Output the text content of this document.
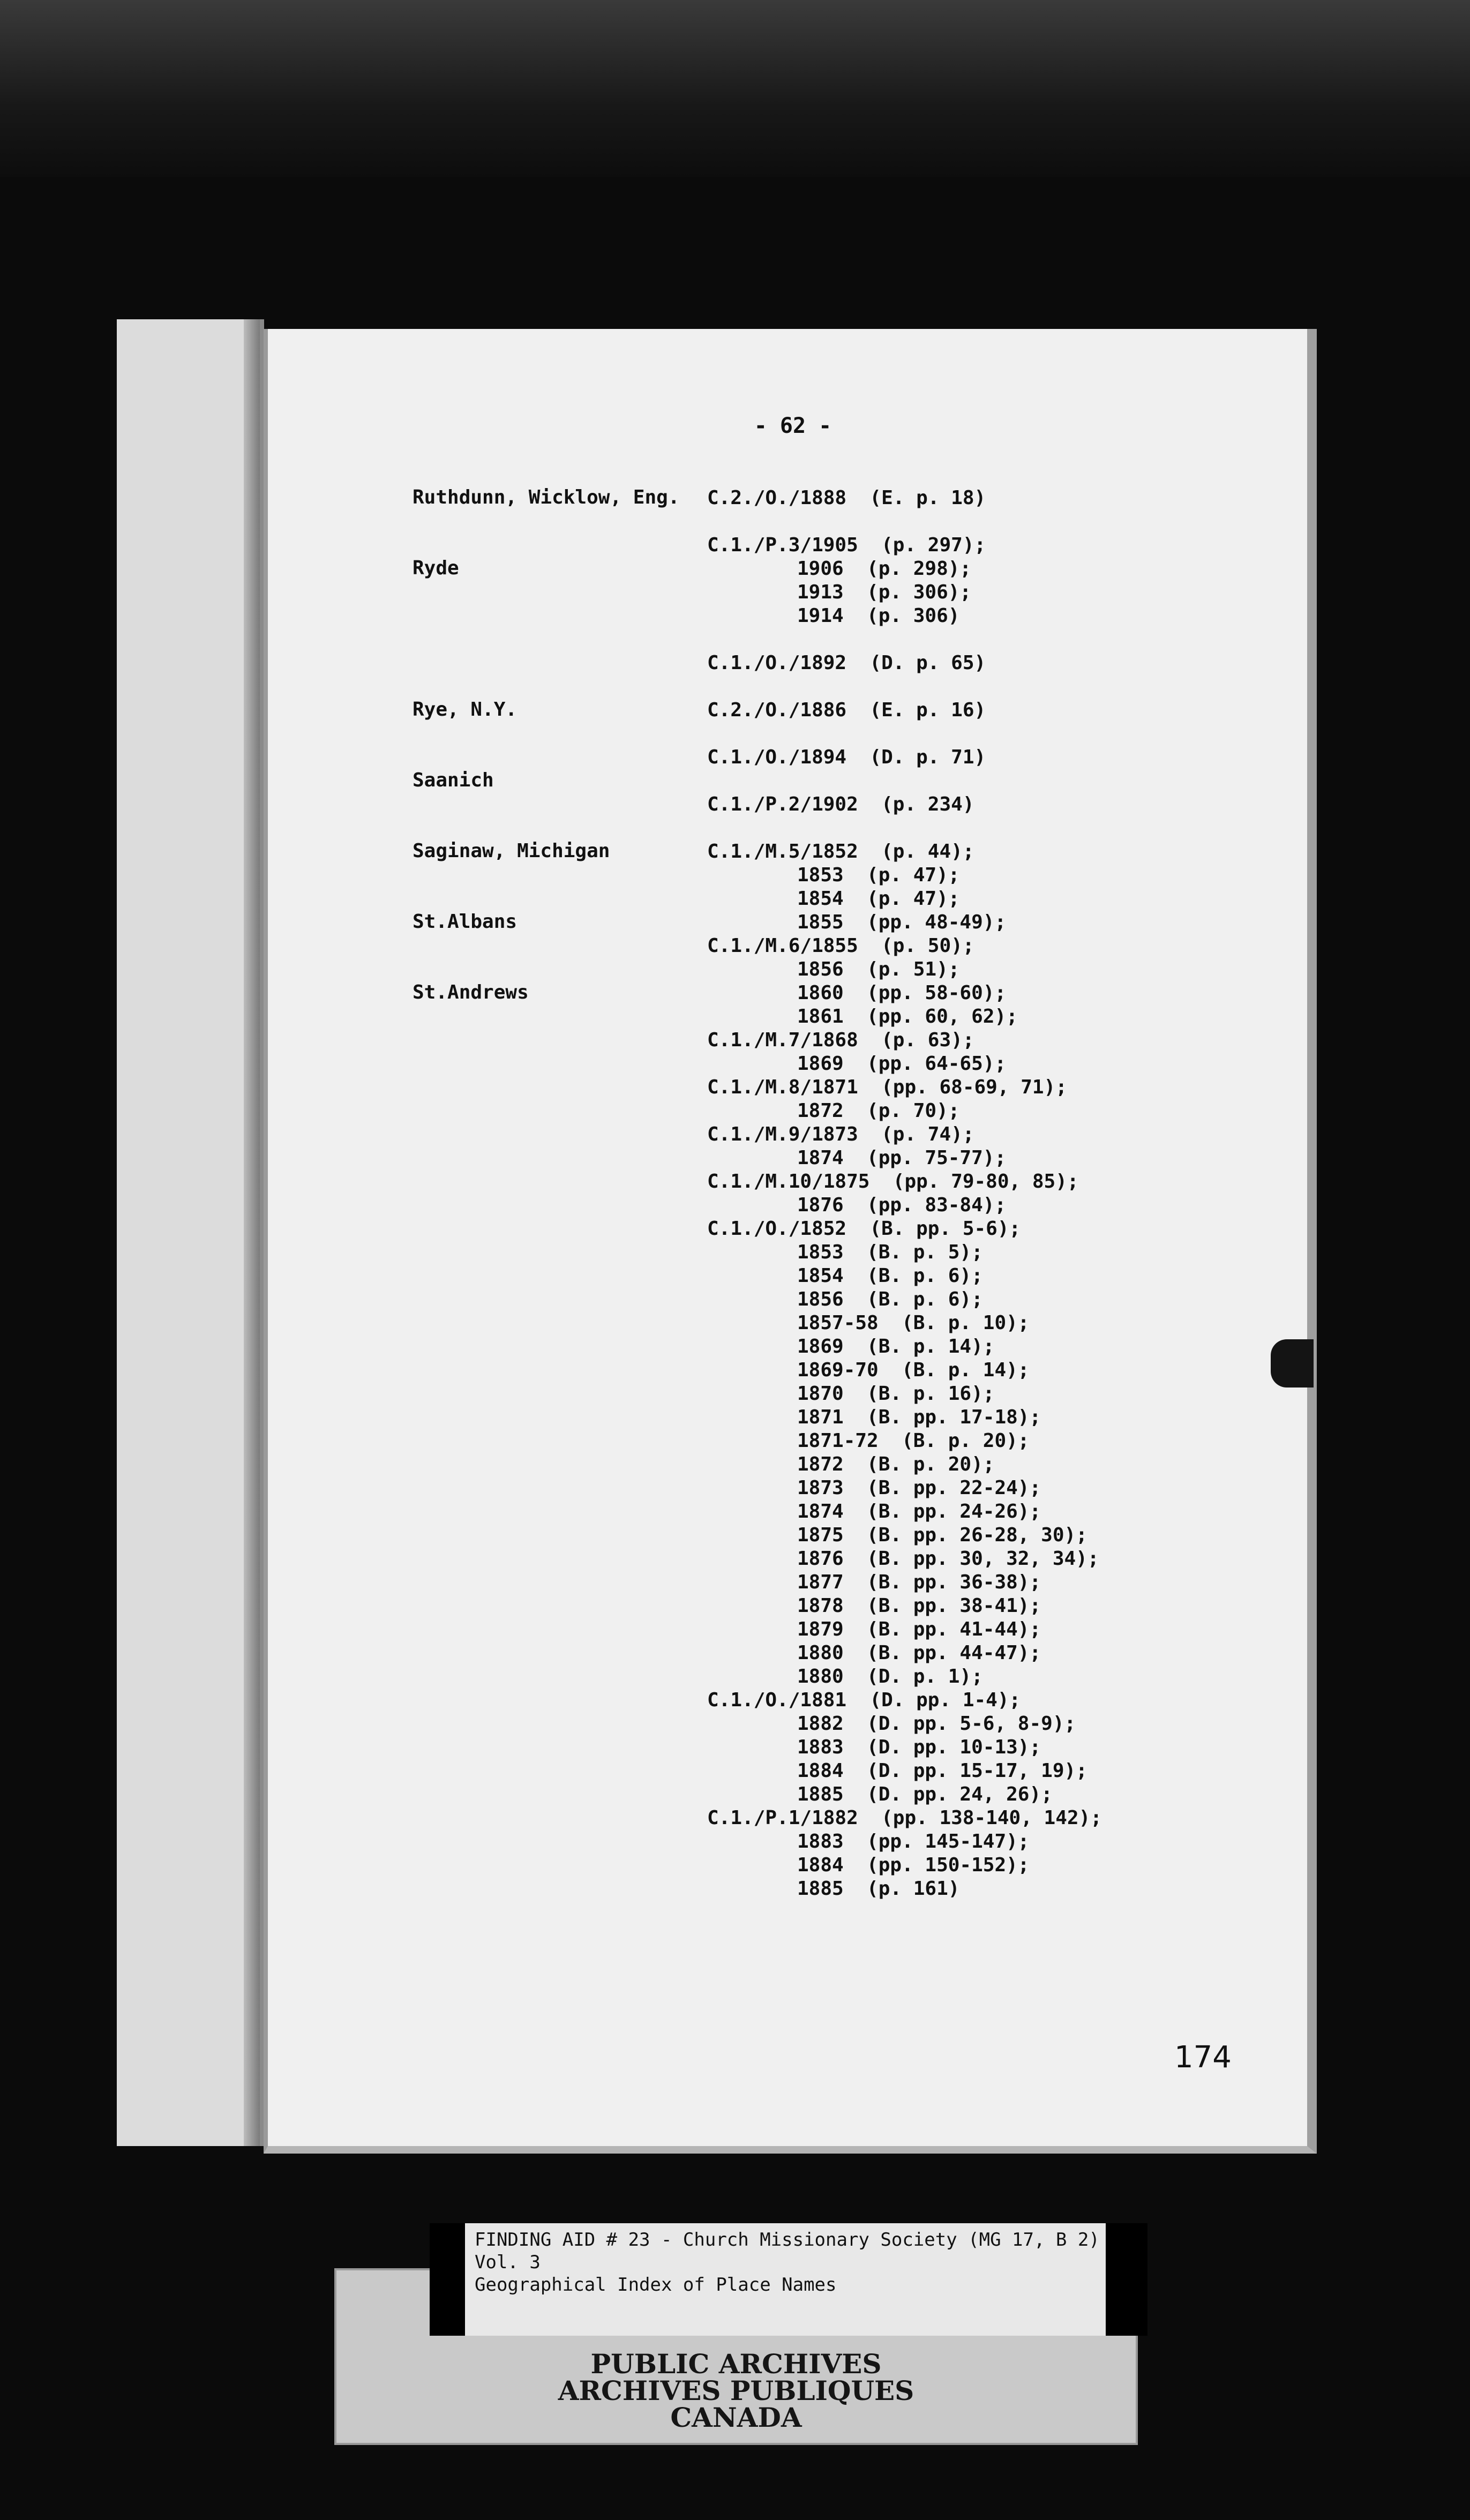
- 62 -
Ruthdunn, Wicklow, Eng.
Ryde
Rye, N.Y.
Saanich
Saginaw, Michigan
St.Albans
St.Andrews
C.2./O./1888  (E. p. 18)
C.1./P.3/1905  (p. 297);
1906  (p. 298);
1913  (p. 306);
1914  (p. 306)
C.1./O./1892  (D. p. 65)
C.2./O./1886  (E. p. 16)
C.1./O./1894  (D. p. 71)
C.1./P.2/1902  (p. 234)
C.1./M.5/1852  (p. 44);
1853  (p. 47);
1854  (p. 47);
1855  (pp. 48-49);
C.1./M.6/1855  (p. 50);
1856  (p. 51);
1860  (pp. 58-60);
1861  (pp. 60, 62);
C.1./M.7/1868  (p. 63);
1869  (pp. 64-65);
C.1./M.8/1871  (pp. 68-69, 71);
1872  (p. 70);
C.1./M.9/1873  (p. 74);
1874  (pp. 75-77);
C.1./M.10/1875  (pp. 79-80, 85);
1876  (pp. 83-84);
C.1./O./1852  (B. pp. 5-6);
1853  (B. p. 5);
1854  (B. p. 6);
1856  (B. p. 6);
1857-58  (B. p. 10);
1869  (B. p. 14);
1869-70  (B. p. 14);
1870  (B. p. 16);
1871  (B. pp. 17-18);
1871-72  (B. p. 20);
1872  (B. p. 20);
1873  (B. pp. 22-24);
1874  (B. pp. 24-26);
1875  (B. pp. 26-28, 30);
1876  (B. pp. 30, 32, 34);
1877  (B. pp. 36-38);
1878  (B. pp. 38-41);
1879  (B. pp. 41-44);
1880  (B. pp. 44-47);
1880  (D. p. 1);
C.1./O./1881  (D. pp. 1-4);
1882  (D. pp. 5-6, 8-9);
1883  (D. pp. 10-13);
1884  (D. pp. 15-17, 19);
1885  (D. pp. 24, 26);
C.1./P.1/1882  (pp. 138-140, 142);
1883  (pp. 145-147);
1884  (pp. 150-152);
1885  (p. 161)
174
PUBLIC ARCHIVES
ARCHIVES PUBLIQUES
CANADA
FINDING AID # 23 - Church Missionary Society (MG 17, B 2)
Vol. 3
Geographical Index of Place Names
